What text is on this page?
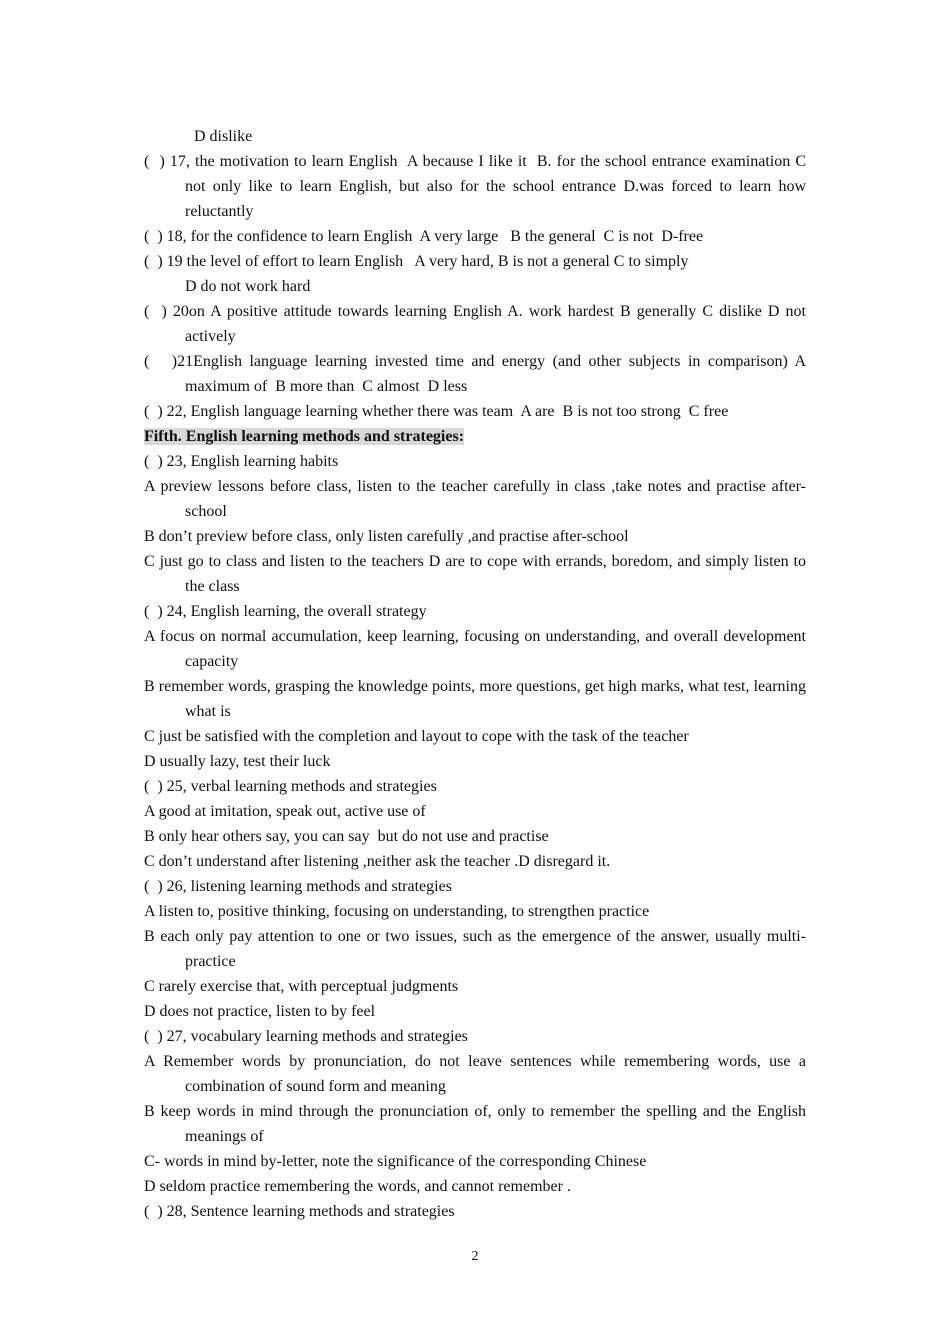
D dislike
(  ) 17, the motivation to learn English  A because I like it  B. for the school entrance examination C not only like to learn English, but also for the school entrance D.was forced to learn how reluctantly
(  ) 18, for the confidence to learn English  A very large   B the general  C is not  D-free
(  ) 19 the level of effort to learn English   A very hard, B is not a general C to simply
D do not work hard
(  ) 20on A positive attitude towards learning English A. work hardest B generally C dislike D not actively
(   )21English language learning invested time and energy (and other subjects in comparison) A maximum of  B more than  C almost  D less
(  ) 22, English language learning whether there was team  A are  B is not too strong  C free
Fifth. English learning methods and strategies:
(  ) 23, English learning habits
A preview lessons before class, listen to the teacher carefully in class ,take notes and practise after-school
B don’t preview before class, only listen carefully ,and practise after-school
C just go to class and listen to the teachers D are to cope with errands, boredom, and simply listen to the class
(  ) 24, English learning, the overall strategy
A focus on normal accumulation, keep learning, focusing on understanding, and overall development capacity
B remember words, grasping the knowledge points, more questions, get high marks, what test, learning what is
C just be satisfied with the completion and layout to cope with the task of the teacher
D usually lazy, test their luck
(  ) 25, verbal learning methods and strategies
A good at imitation, speak out, active use of
B only hear others say, you can say  but do not use and practise
C don’t understand after listening ,neither ask the teacher .D disregard it.
(  ) 26, listening learning methods and strategies
A listen to, positive thinking, focusing on understanding, to strengthen practice
B each only pay attention to one or two issues, such as the emergence of the answer, usually multi-practice
C rarely exercise that, with perceptual judgments
D does not practice, listen to by feel
(  ) 27, vocabulary learning methods and strategies
A Remember words by pronunciation, do not leave sentences while remembering words, use a combination of sound form and meaning
B keep words in mind through the pronunciation of, only to remember the spelling and the English meanings of
C- words in mind by-letter, note the significance of the corresponding Chinese
D seldom practice remembering the words, and cannot remember .
(  ) 28, Sentence learning methods and strategies
2
